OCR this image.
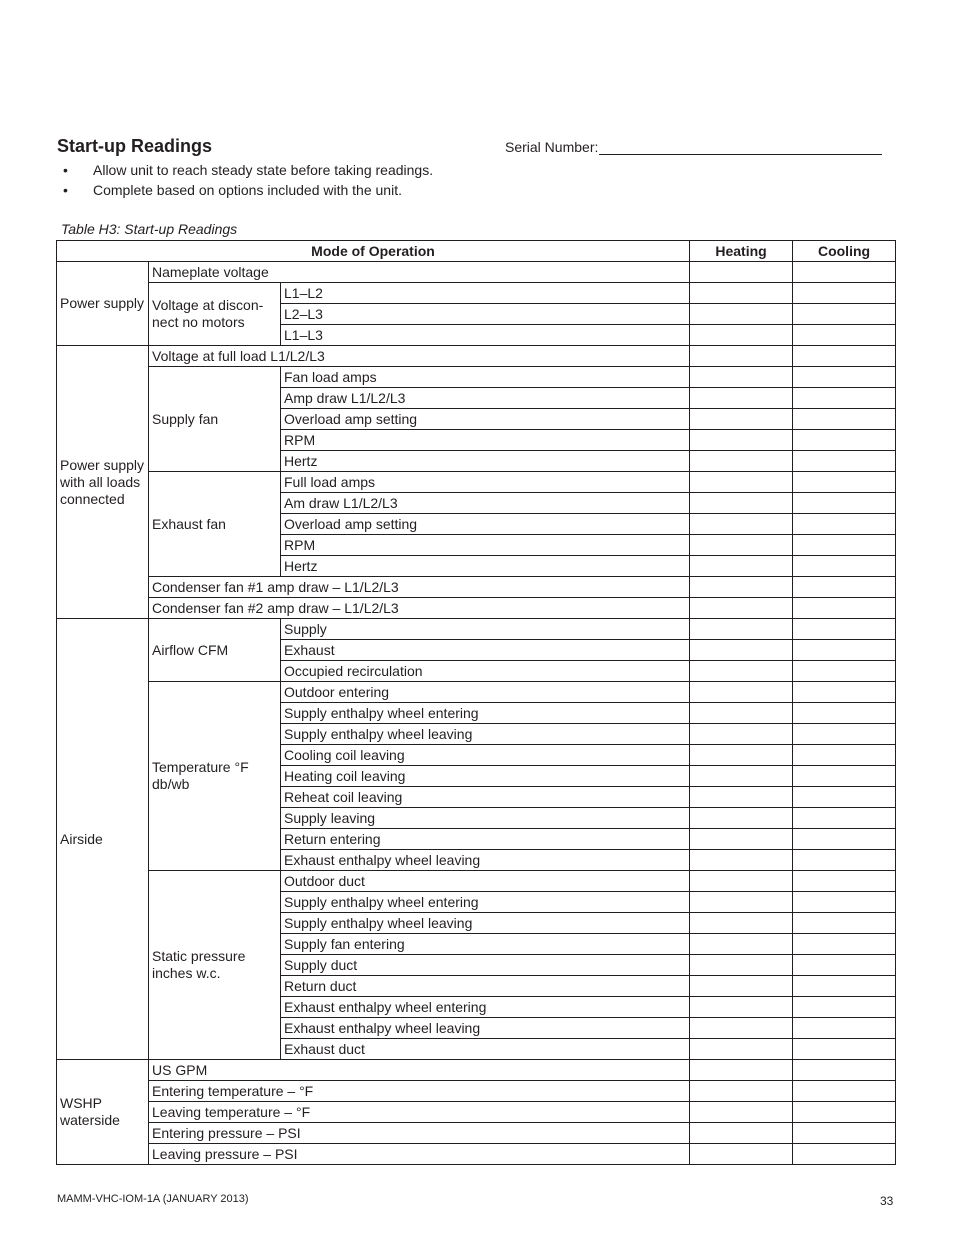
Start-up Readings	Serial Number:
• Allow unit to reach steady state before taking readings.
• Complete based on options included with the unit.
Table H3: Start-up Readings
Mode of Operation			Heating	Cooling
Power supply	Nameplate voltage			
	Voltage at discon-nect no motors	L1–L2		
		L2–L3		
		L1–L3		
Power supply with all loads connected	Voltage at full load L1/L2/L3			
	Supply fan	Fan load amps		
		Amp draw L1/L2/L3		
		Overload amp setting		
		RPM		
		Hertz		
	Exhaust fan	Full load amps		
		Am draw L1/L2/L3		
		Overload amp setting		
		RPM		
		Hertz		
	Condenser fan #1 amp draw – L1/L2/L3			
	Condenser fan #2 amp draw – L1/L2/L3			
Airside	Airflow CFM	Supply		
		Exhaust		
		Occupied recirculation		
	Temperature °F db/wb	Outdoor entering		
		Supply enthalpy wheel entering		
		Supply enthalpy wheel leaving		
		Cooling coil leaving		
		Heating coil leaving		
		Reheat coil leaving		
		Supply leaving		
		Return entering		
		Exhaust enthalpy wheel leaving		
	Static pressure inches w.c.	Outdoor duct		
		Supply enthalpy wheel entering		
		Supply enthalpy wheel leaving		
		Supply fan entering		
		Supply duct		
		Return duct		
		Exhaust enthalpy wheel entering		
		Exhaust enthalpy wheel leaving		
		Exhaust duct		
WSHP waterside	US GPM			
	Entering temperature – °F			
	Leaving temperature – °F			
	Entering pressure – PSI			
	Leaving pressure – PSI			
MAMM-VHC-IOM-1A (JANUARY 2013)	33
